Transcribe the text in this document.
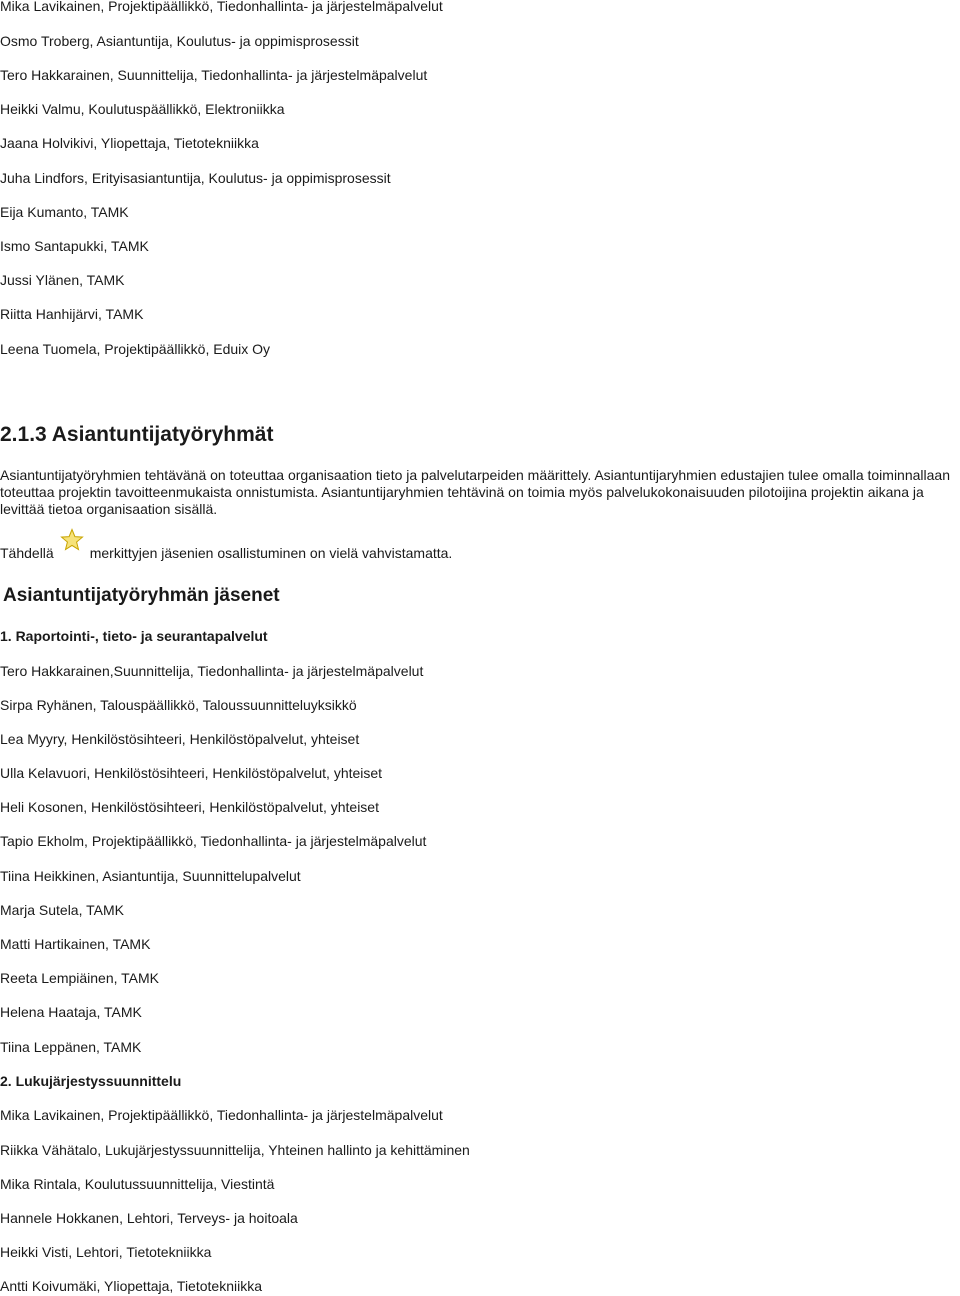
Mika Lavikainen, Projektipäällikkö, Tiedonhallinta- ja järjestelmäpalvelut
Osmo Troberg, Asiantuntija, Koulutus- ja oppimisprosessit
Tero Hakkarainen, Suunnittelija, Tiedonhallinta- ja järjestelmäpalvelut
Heikki Valmu, Koulutuspäällikkö, Elektroniikka
Jaana Holvikivi, Yliopettaja, Tietotekniikka
Juha Lindfors, Erityisasiantuntija, Koulutus- ja oppimisprosessit
Eija Kumanto, TAMK
Ismo Santapukki, TAMK
Jussi Ylänen, TAMK
Riitta Hanhijärvi, TAMK
Leena Tuomela, Projektipäällikkö, Eduix Oy
2.1.3 Asiantuntijatyöryhmät
Asiantuntijatyöryhmien tehtävänä on toteuttaa organisaation tieto ja palvelutarpeiden määrittely. Asiantuntijaryhmien edustajien tulee omalla toiminnallaan toteuttaa projektin tavoitteenmukaista onnistumista. Asiantuntijaryhmien tehtävinä on toimia myös palvelukokonaisuuden pilotoijina projektin aikana ja levittää tietoa organisaation sisällä.
Tähdellä	merkittyjen jäsenien osallistuminen on vielä vahvistamatta.
Asiantuntijatyöryhmän jäsenet
1. Raportointi-, tieto- ja seurantapalvelut
Tero Hakkarainen,Suunnittelija, Tiedonhallinta- ja järjestelmäpalvelut
Sirpa Ryhänen, Talouspäällikkö, Taloussuunnitteluyksikkö
Lea Myyry, Henkilöstösihteeri, Henkilöstöpalvelut, yhteiset
Ulla Kelavuori, Henkilöstösihteeri, Henkilöstöpalvelut, yhteiset
Heli Kosonen, Henkilöstösihteeri, Henkilöstöpalvelut, yhteiset
Tapio Ekholm, Projektipäällikkö, Tiedonhallinta- ja järjestelmäpalvelut
Tiina Heikkinen, Asiantuntija, Suunnittelupalvelut
Marja Sutela, TAMK
Matti Hartikainen, TAMK
Reeta Lempiäinen, TAMK
Helena Haataja, TAMK
Tiina Leppänen, TAMK
2. Lukujärjestyssuunnittelu
Mika Lavikainen, Projektipäällikkö, Tiedonhallinta- ja järjestelmäpalvelut
Riikka Vähätalo, Lukujärjestyssuunnittelija, Yhteinen hallinto ja kehittäminen
Mika Rintala, Koulutussuunnittelija, Viestintä
Hannele Hokkanen, Lehtori, Terveys- ja hoitoala
Heikki Visti, Lehtori, Tietotekniikka
Antti Koivumäki, Yliopettaja, Tietotekniikka
